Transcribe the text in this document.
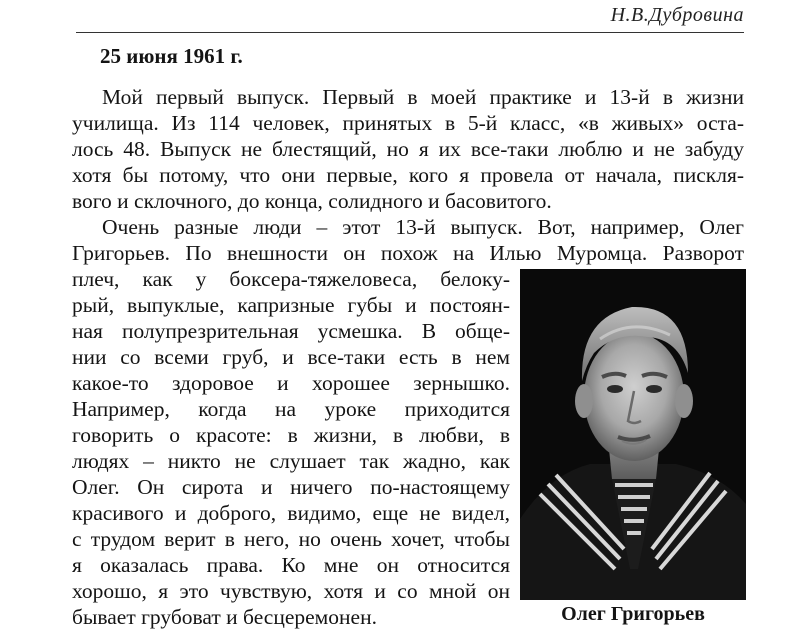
Н.В.Дубровина
25 июня 1961 г.
Мой первый выпуск. Первый в моей практике и 13-й в жизни
училища. Из 114 человек, принятых в 5-й класс, «в живых» оста-
лось 48. Выпуск не блестящий, но я их все-таки люблю и не забуду
хотя бы потому, что они первые, кого я провела от начала, пискля-
вого и склочного, до конца, солидного и басовитого.
Очень разные люди – этот 13-й выпуск. Вот, например, Олег
Григорьев. По внешности он похож на Илью Муромца. Разворот
плеч, как у боксера-тяжеловеса, белоку-
рый, выпуклые, капризные губы и постоян-
ная полупрезрительная усмешка. В обще-
нии со всеми груб, и все-таки есть в нем
какое-то здоровое и хорошее зернышко.
Например, когда на уроке приходится
говорить о красоте: в жизни, в любви, в
людях – никто не слушает так жадно, как
Олег. Он сирота и ничего по-настоящему
красивого и доброго, видимо, еще не видел,
с трудом верит в него, но очень хочет, чтобы
я оказалась права. Ко мне он относится
хорошо, я это чувствую, хотя и со мной он
бывает грубоват и бесцеремонен.	Олег Григорьев
